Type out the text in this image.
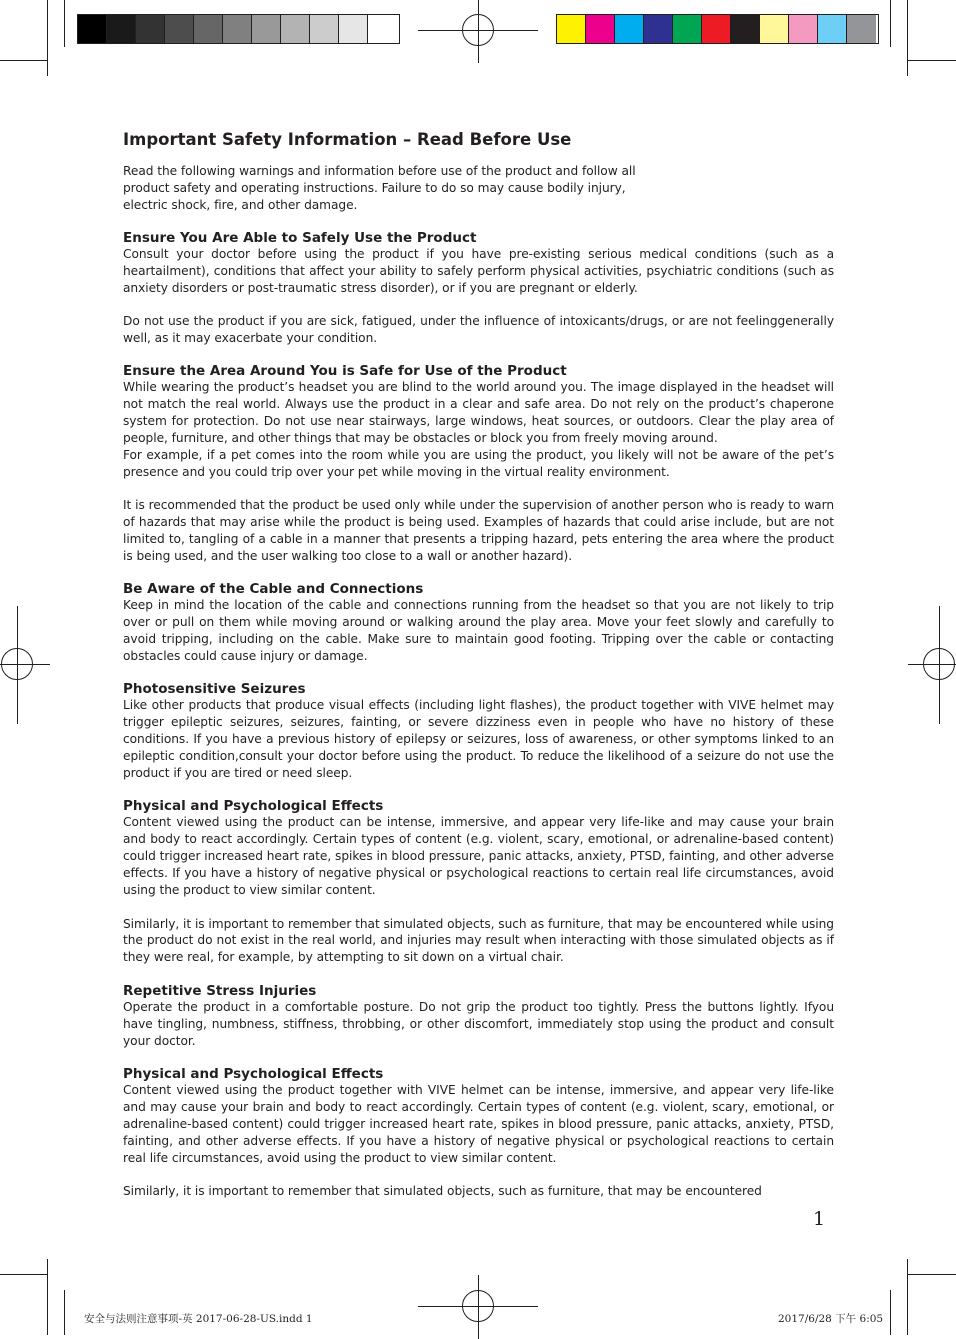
Important Safety Information – Read Before Use

Read the following warnings and information before use of the product and follow all
product safety and operating instructions. Failure to do so may cause bodily injury,
electric shock, fire, and other damage.

Ensure You Are Able to Safely Use the Product

Consult your doctor before using the product if you have pre-existing serious medical conditions (such as a heartailment), conditions that affect your ability to safely perform physical activities, psychiatric conditions (such as anxiety disorders or post-traumatic stress disorder), or if you are pregnant or elderly.

Do not use the product if you are sick, fatigued, under the influence of intoxicants/drugs, or are not feelinggenerally well, as it may exacerbate your condition.

Ensure the Area Around You is Safe for Use of the Product

While wearing the product’s headset you are blind to the world around you. The image displayed in the headset will not match the real world. Always use the product in a clear and safe area. Do not rely on the product’s chaperone system for protection. Do not use near stairways, large windows, heat sources, or outdoors. Clear the play area of people, furniture, and other things that may be obstacles or block you from freely moving around.

For example, if a pet comes into the room while you are using the product, you likely will not be aware of the pet’s presence and you could trip over your pet while moving in the virtual reality environment.

It is recommended that the product be used only while under the supervision of another person who is ready to warn of hazards that may arise while the product is being used. Examples of hazards that could arise include, but are not limited to, tangling of a cable in a manner that presents a tripping hazard, pets entering the area where the product is being used, and the user walking too close to a wall or another hazard).

Be Aware of the Cable and Connections

Keep in mind the location of the cable and connections running from the headset so that you are not likely to trip over or pull on them while moving around or walking around the play area. Move your feet slowly and carefully to avoid tripping, including on the cable. Make sure to maintain good footing. Tripping over the cable or contacting obstacles could cause injury or damage.

Photosensitive Seizures

Like other products that produce visual effects (including light flashes), the product together with VIVE helmet may trigger epileptic seizures, seizures, fainting, or severe dizziness even in people who have no history of these conditions. If you have a previous history of epilepsy or seizures, loss of awareness, or other symptoms linked to an epileptic condition,consult your doctor before using the product. To reduce the likelihood of a seizure do not use the product if you are tired or need sleep.

Physical and Psychological Effects

Content viewed using the product can be intense, immersive, and appear very life-like and may cause your brain and body to react accordingly. Certain types of content (e.g. violent, scary, emotional, or adrenaline-based content) could trigger increased heart rate, spikes in blood pressure, panic attacks, anxiety, PTSD, fainting, and other adverse effects. If you have a history of negative physical or psychological reactions to certain real life circumstances, avoid using the product to view similar content.

Similarly, it is important to remember that simulated objects, such as furniture, that may be encountered while using the product do not exist in the real world, and injuries may result when interacting with those simulated objects as if they were real, for example, by attempting to sit down on a virtual chair.

Repetitive Stress Injuries

Operate the product in a comfortable posture. Do not grip the product too tightly. Press the buttons lightly. Ifyou have tingling, numbness, stiffness, throbbing, or other discomfort, immediately stop using the product and consult your doctor.

Physical and Psychological Effects

Content viewed using the product together with VIVE helmet can be intense, immersive, and appear very life-like and may cause your brain and body to react accordingly. Certain types of content (e.g. violent, scary, emotional, or adrenaline-based content) could trigger increased heart rate, spikes in blood pressure, panic attacks, anxiety, PTSD, fainting, and other adverse effects. If you have a history of negative physical or psychological reactions to certain real life circumstances, avoid using the product to view similar content.

Similarly, it is important to remember that simulated objects, such as furniture, that may be encountered

1
安全与法则注意事项-英 2017-06-28-US.indd 1	2017/6/28 下午 6:05
